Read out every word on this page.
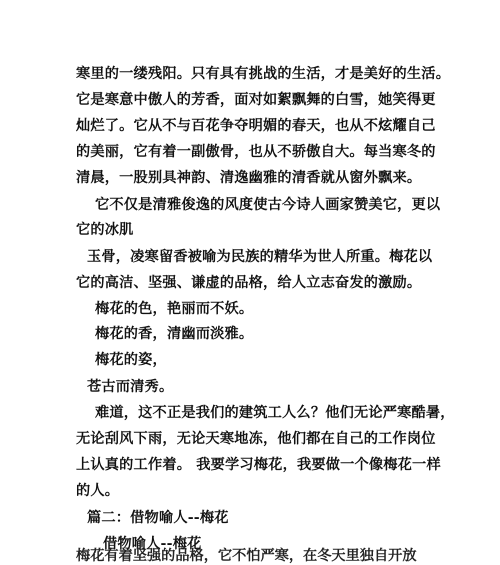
寒里的一缕残阳。只有具有挑战的生活，才是美好的生活。
它是寒意中傲人的芳香，面对如絮飘舞的白雪，她笑得更
灿烂了。它从不与百花争夺明媚的春天，也从不炫耀自己
的美丽，它有着一副傲骨，也从不骄傲自大。每当寒冬的
清晨，一股别具神韵、清逸幽雅的清香就从窗外飘来。
它不仅是清雅俊逸的风度使古今诗人画家赞美它，更以
它的冰肌
玉骨，凌寒留香被喻为民族的精华为世人所重。梅花以
它的高洁、坚强、谦虚的品格，给人立志奋发的激励。
梅花的色，艳丽而不妖。
梅花的香，清幽而淡雅。
梅花的姿，
苍古而清秀。
难道，这不正是我们的建筑工人么？他们无论严寒酷暑，
无论刮风下雨，无论天寒地冻，他们都在自己的工作岗位
上认真的工作着。 我要学习梅花，我要做一个像梅花一样
的人。
篇二：借物喻人--梅花
借物喻人--梅花
梅花有着坚强的品格，它不怕严寒，在冬天里独自开放
